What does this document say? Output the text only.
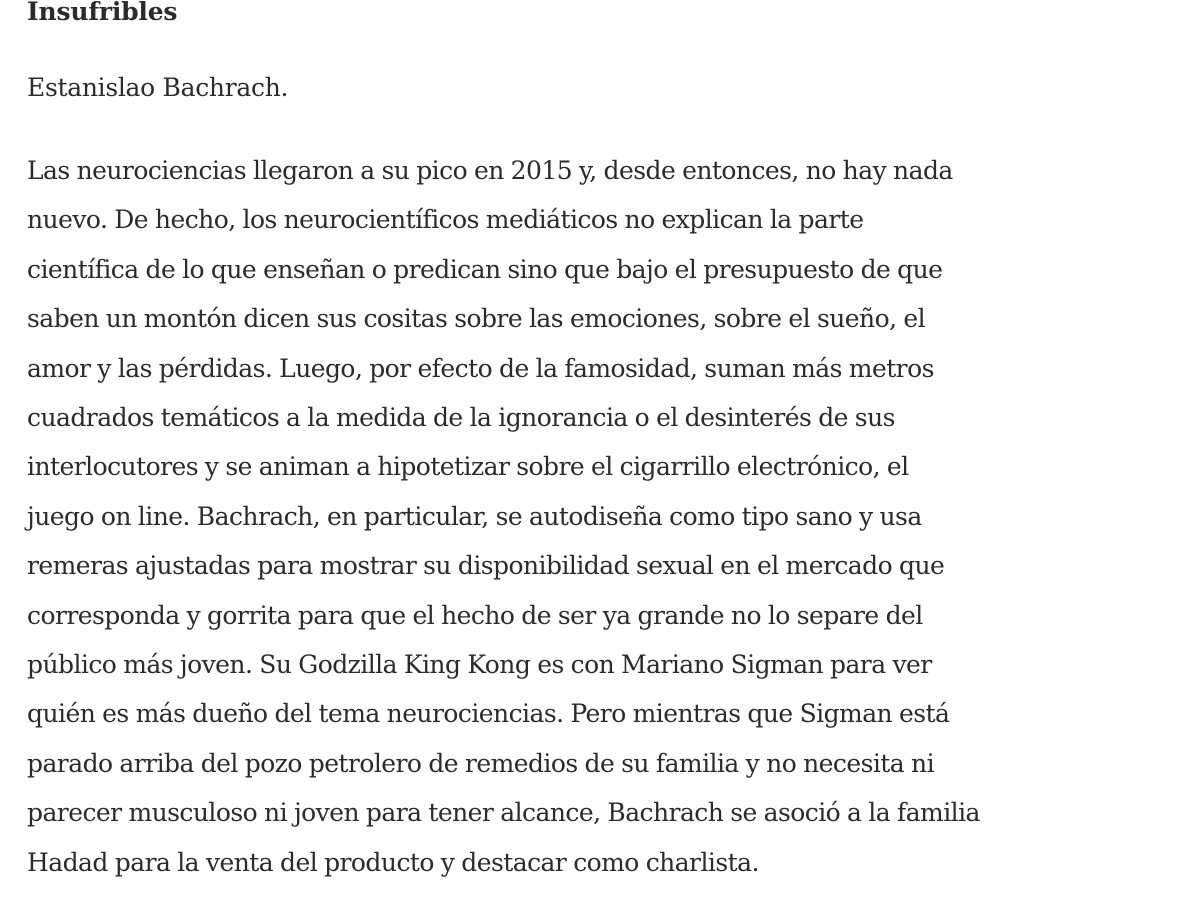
Insufribles

Estanislao Bachrach.

Las neurociencias llegaron a su pico en 2015 y, desde entonces, no hay nada
nuevo. De hecho, los neurocientíficos mediáticos no explican la parte
científica de lo que enseñan o predican sino que bajo el presupuesto de que
saben un montón dicen sus cositas sobre las emociones, sobre el sueño, el
amor y las pérdidas. Luego, por efecto de la famosidad, suman más metros
cuadrados temáticos a la medida de la ignorancia o el desinterés de sus
interlocutores y se animan a hipotetizar sobre el cigarrillo electrónico, el
juego on line. Bachrach, en particular, se autodiseña como tipo sano y usa
remeras ajustadas para mostrar su disponibilidad sexual en el mercado que
corresponda y gorrita para que el hecho de ser ya grande no lo separe del
público más joven. Su Godzilla King Kong es con Mariano Sigman para ver
quién es más dueño del tema neurociencias. Pero mientras que Sigman está
parado arriba del pozo petrolero de remedios de su familia y no necesita ni
parecer musculoso ni joven para tener alcance, Bachrach se asoció a la familia
Hadad para la venta del producto y destacar como charlista.
